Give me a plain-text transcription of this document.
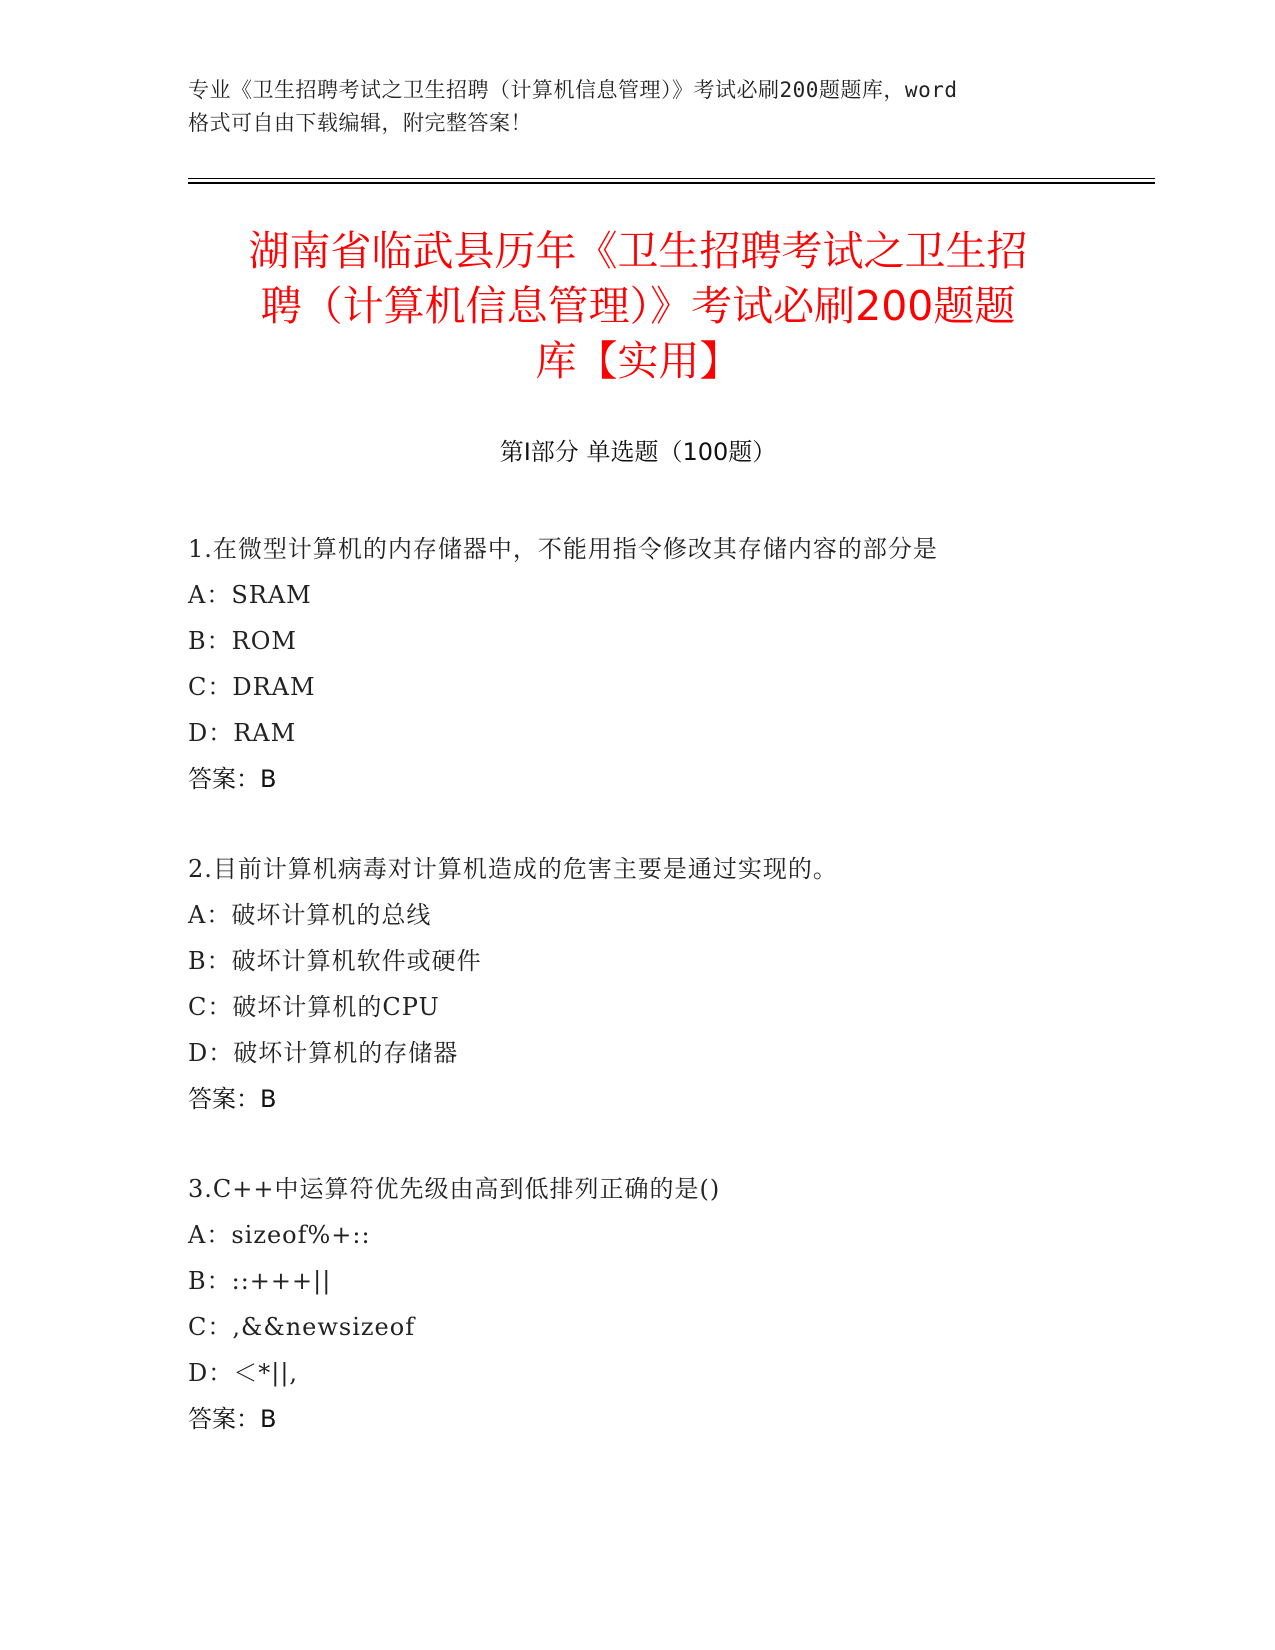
专业《卫生招聘考试之卫生招聘（计算机信息管理）》考试必刷200题题库，word
格式可自由下载编辑，附完整答案！
湖南省临武县历年《卫生招聘考试之卫生招
聘（计算机信息管理）》考试必刷200题题
库【实用】
第Ⅰ部分 单选题（100题）
1.在微型计算机的内存储器中，不能用指令修改其存储内容的部分是
A：SRAM
B：ROM
C：DRAM
D：RAM
答案：B
2.目前计算机病毒对计算机造成的危害主要是通过实现的。
A：破坏计算机的总线
B：破坏计算机软件或硬件
C：破坏计算机的CPU
D：破坏计算机的存储器
答案：B
3.C++中运算符优先级由高到低排列正确的是()
A：sizeof%+::
B：::+++||
C：,&&newsizeof
D：＜*||,
答案：B
